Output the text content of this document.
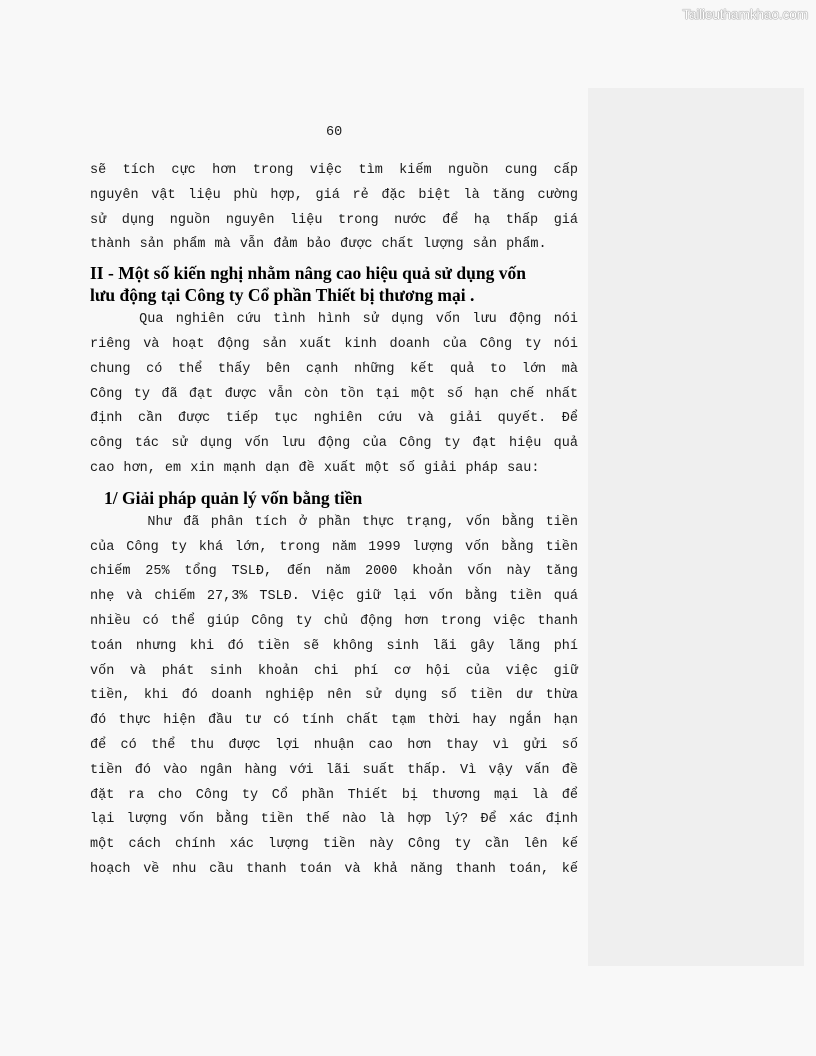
Tailieuthamkhao.com
60

sẽ tích cực hơn trong việc tìm kiếm nguồn cung cấp
nguyên vật liệu phù hợp, giá rẻ đặc biệt là tăng cường
sử dụng nguồn nguyên liệu trong nước để hạ thấp giá
thành sản phẩm mà vẫn đảm bảo được chất lượng sản phẩm.

II - Một số kiến nghị nhằm nâng cao hiệu quả sử dụng vốn
lưu động tại Công ty Cổ phần Thiết bị thương mại .

Qua nghiên cứu tình hình sử dụng vốn lưu động nói
riêng và hoạt động sản xuất kinh doanh của Công ty nói
chung có thể thấy bên cạnh những kết quả to lớn mà
Công ty đã đạt được vẫn còn tồn tại một số hạn chế nhất
định cần được tiếp tục nghiên cứu và giải quyết. Để
công tác sử dụng vốn lưu động của Công ty đạt hiệu quả
cao hơn, em xin mạnh dạn đề xuất một số giải pháp sau:

1/ Giải pháp quản lý vốn bằng tiền

Như đã phân tích ở phần thực trạng, vốn bằng tiền
của Công ty khá lớn, trong năm 1999 lượng vốn bằng tiền
chiếm 25% tổng TSLĐ, đến năm 2000 khoản vốn này tăng
nhẹ và chiếm 27,3% TSLĐ. Việc giữ lại vốn bằng tiền quá
nhiều có thể giúp Công ty chủ động hơn trong việc thanh
toán nhưng khi đó tiền sẽ không sinh lãi gây lãng phí
vốn và phát sinh khoản chi phí cơ hội của việc giữ
tiền, khi đó doanh nghiệp nên sử dụng số tiền dư thừa
đó thực hiện đầu tư có tính chất tạm thời hay ngắn hạn
để có thể thu được lợi nhuận cao hơn thay vì gửi số
tiền đó vào ngân hàng với lãi suất thấp. Vì vậy vấn đề
đặt ra cho Công ty Cổ phần Thiết bị thương mại là để
lại lượng vốn bằng tiền thế nào là hợp lý? Để xác định
một cách chính xác lượng tiền này Công ty cần lên kế
hoạch về nhu cầu thanh toán và khả năng thanh toán, kế
